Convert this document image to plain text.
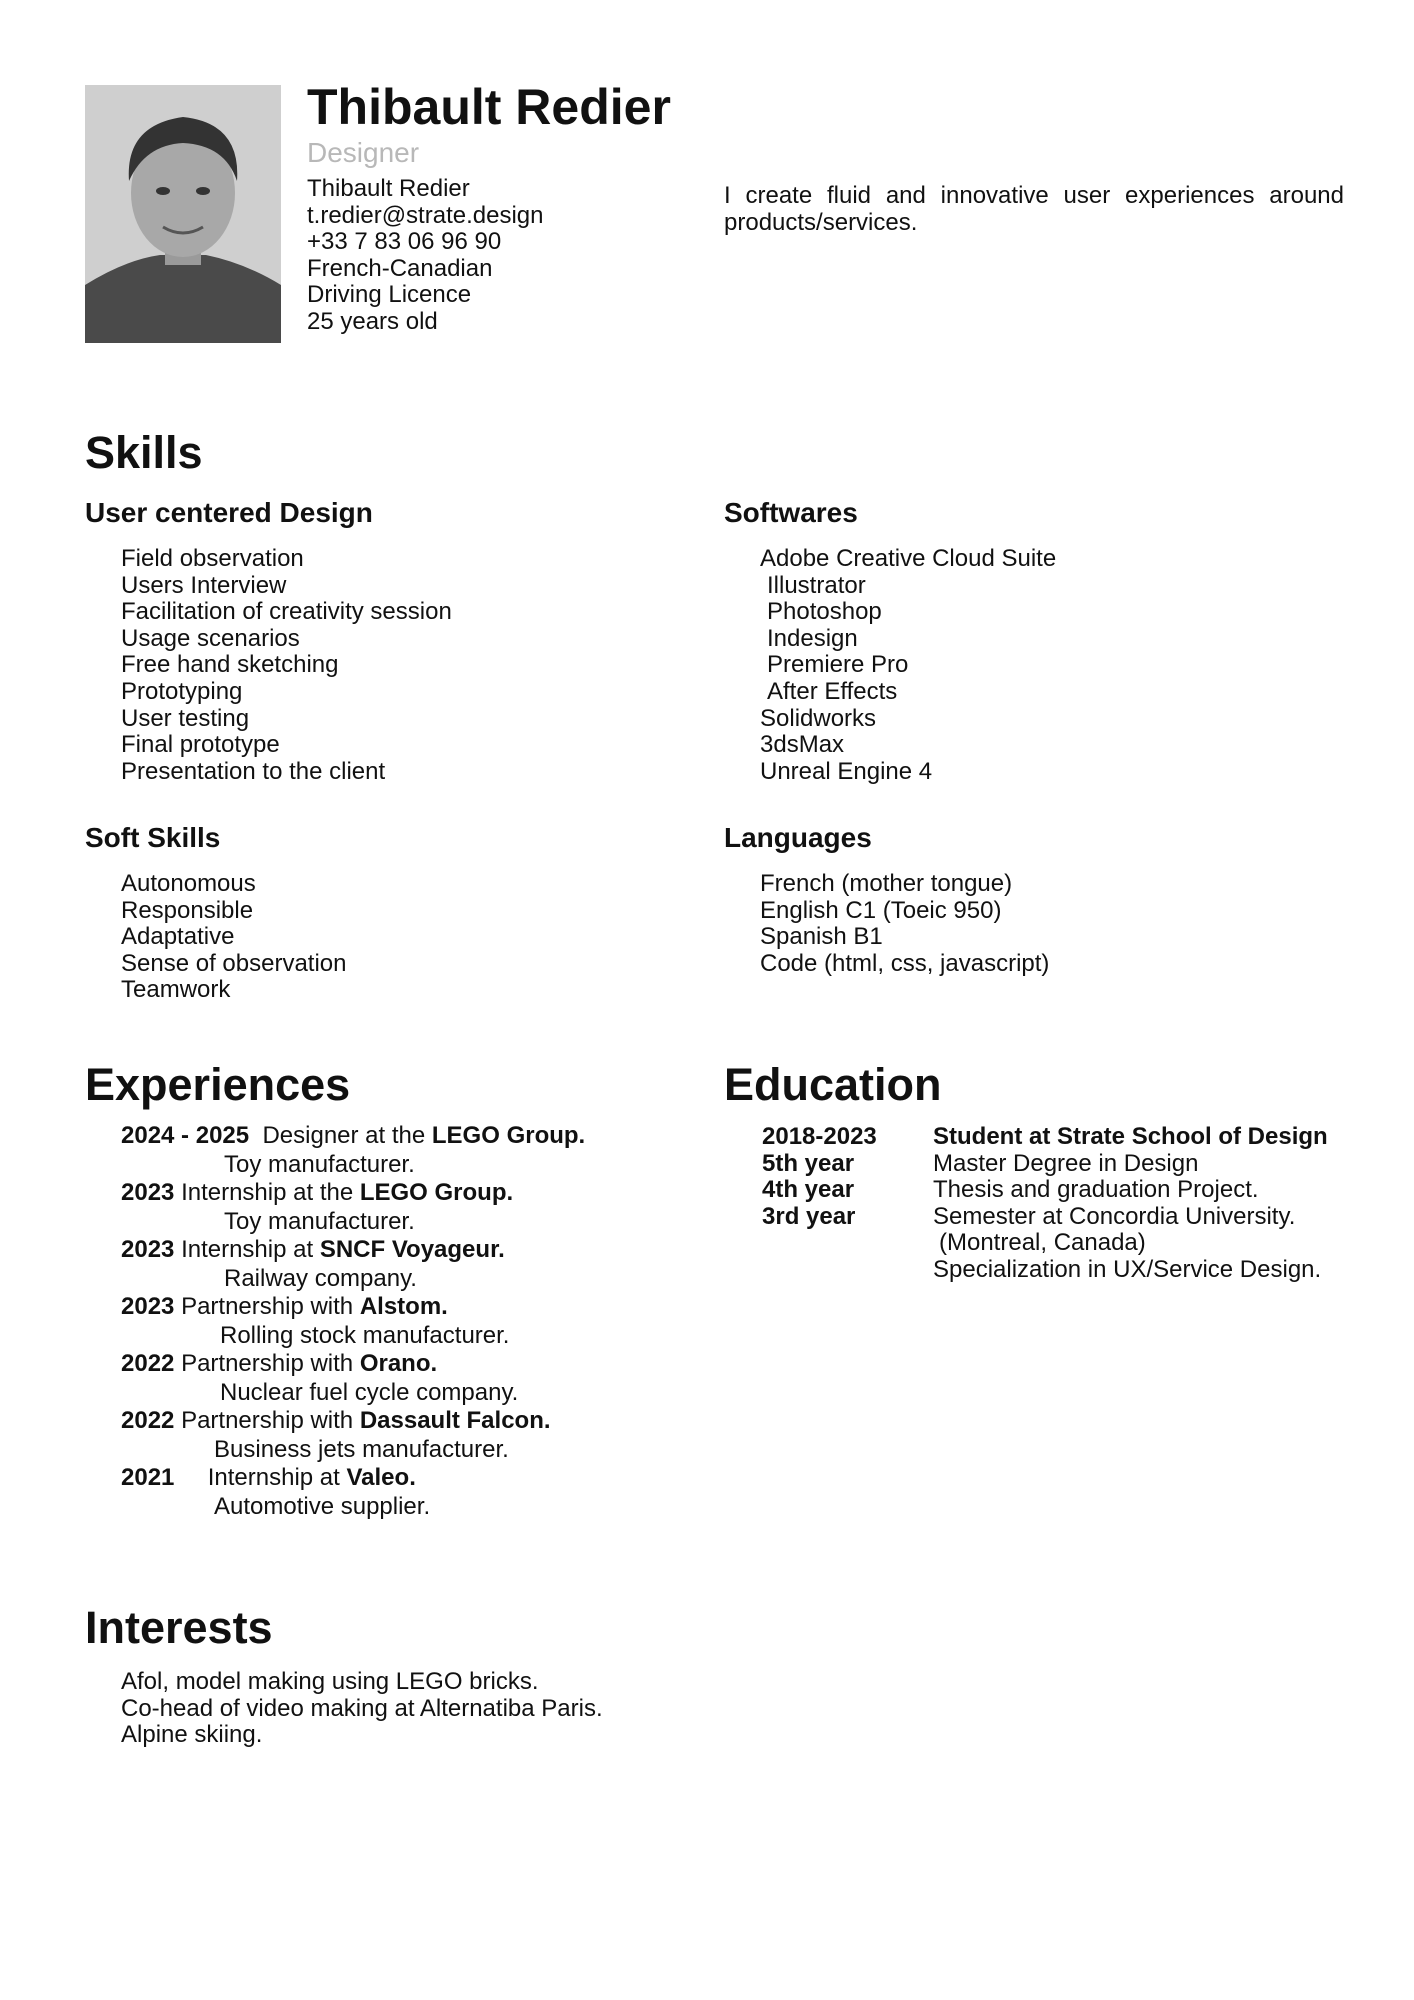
Thibault Redier
Designer
Thibault Redier
t.redier@strate.design
+33 7 83 06 96 90
French-Canadian
Driving Licence
25 years old
I create fluid and innovative user experiences around products/services.
Skills
User centered Design
Field observation
Users Interview
Facilitation of creativity session
Usage scenarios
Free hand sketching
Prototyping
User testing
Final prototype
Presentation to the client
Softwares
Adobe Creative Cloud Suite
Illustrator
Photoshop
Indesign
Premiere Pro
After Effects
Solidworks
3dsMax
Unreal Engine 4
Soft Skills
Autonomous
Responsible
Adaptative
Sense of observation
Teamwork
Languages
French (mother tongue)
English C1 (Toeic 950)
Spanish B1
Code (html, css, javascript)
Experiences
2024 - 2025 Designer at the LEGO Group.
Toy manufacturer.
2023 Internship at the LEGO Group.
Toy manufacturer.
2023 Internship at SNCF Voyageur.
Railway company.
2023 Partnership with Alstom.
Rolling stock manufacturer.
2022 Partnership with Orano.
Nuclear fuel cycle company.
2022 Partnership with Dassault Falcon.
Business jets manufacturer.
2021 Internship at Valeo.
Automotive supplier.
Education
2018-2023
5th year
4th year
3rd year
Student at Strate School of Design
Master Degree in Design
Thesis and graduation Project.
Semester at Concordia University.
(Montreal, Canada)
Specialization in UX/Service Design.
Interests
Afol, model making using LEGO bricks.
Co-head of video making at Alternatiba Paris.
Alpine skiing.
